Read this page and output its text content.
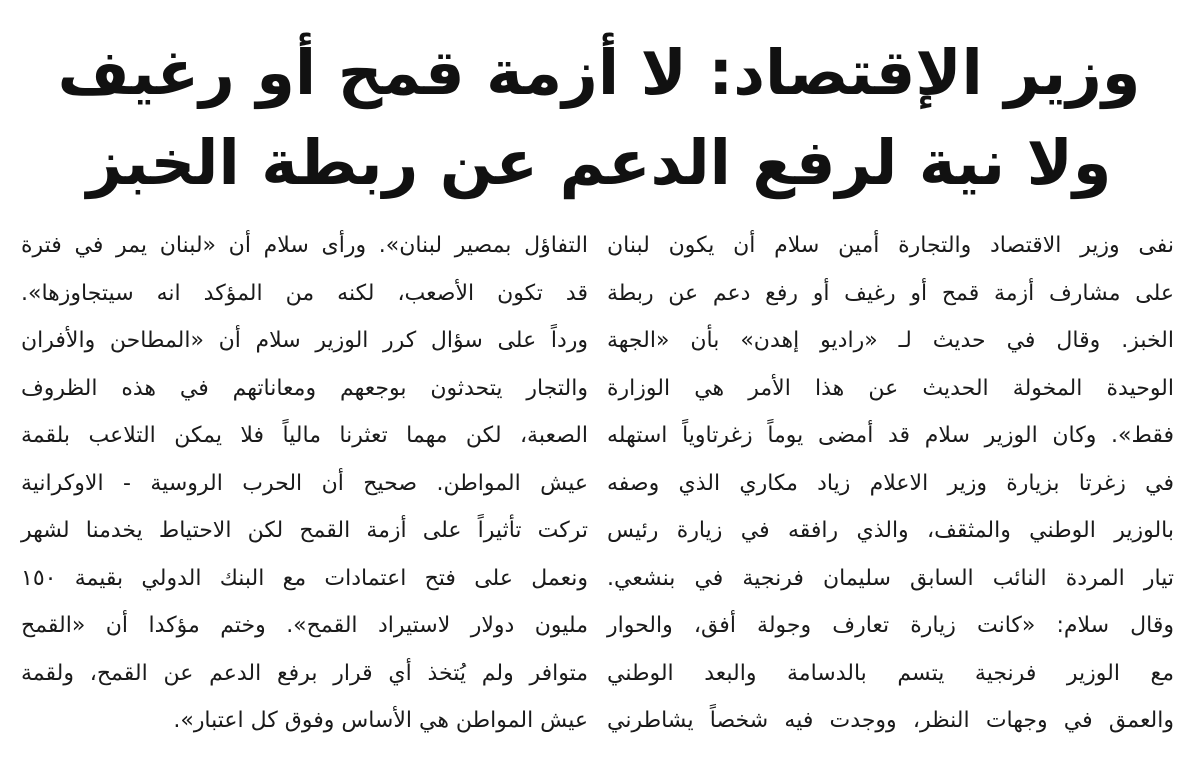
وزير الإقتصاد: لا أزمة قمح أو رغيف
ولا نية لرفع الدعم عن ربطة الخبز
نفى وزير الاقتصاد والتجارة أمين سلام أن يكون لبنان
على مشارف أزمة قمح أو رغيف أو رفع دعم عن ربطة
الخبز. وقال في حديث لـ «راديو إهدن» بأن «الجهة
الوحيدة المخولة الحديث عن هذا الأمر هي الوزارة
فقط». وكان الوزير سلام قد أمضى يوماً زغرتاوياً استهله
في زغرتا بزيارة وزير الاعلام زياد مكاري الذي وصفه
بالوزير الوطني والمثقف، والذي رافقه في زيارة رئيس
تيار المردة النائب السابق سليمان فرنجية في بنشعي.
وقال سلام: «كانت زيارة تعارف وجولة أفق، والحوار
مع الوزير فرنجية يتسم بالدسامة والبعد الوطني
والعمق في وجهات النظر، ووجدت فيه شخصاً يشاطرني
التفاؤل بمصير لبنان». ورأى سلام أن «لبنان يمر في فترة
قد تكون الأصعب، لكنه من المؤكد انه سيتجاوزها».
ورداً على سؤال كرر الوزير سلام أن «المطاحن والأفران
والتجار يتحدثون بوجعهم ومعاناتهم في هذه الظروف
الصعبة، لكن مهما تعثرنا مالياً فلا يمكن التلاعب بلقمة
عيش المواطن. صحيح أن الحرب الروسية - الاوكرانية
تركت تأثيراً على أزمة القمح لكن الاحتياط يخدمنا لشهر
ونعمل على فتح اعتمادات مع البنك الدولي بقيمة ١٥٠
مليون دولار لاستيراد القمح». وختم مؤكدا أن «القمح
متوافر ولم يُتخذ أي قرار برفع الدعم عن القمح، ولقمة
عيش المواطن هي الأساس وفوق كل اعتبار».
